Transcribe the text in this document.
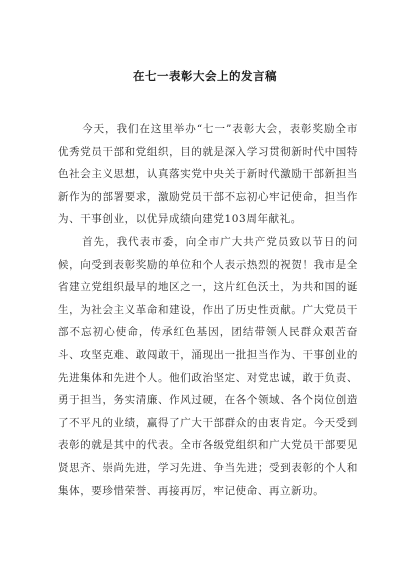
在七一表彰大会上的发言稿

今天，我们在这里举办“七一”表彰大会，表彰奖励全市优秀党员干部和党组织，目的就是深入学习贯彻新时代中国特色社会主义思想，认真落实党中央关于新时代激励干部新担当新作为的部署要求，激励党员干部不忘初心牢记使命，担当作为、干事创业，以优异成绩向建党103周年献礼。

首先，我代表市委，向全市广大共产党员致以节日的问候，向受到表彰奖励的单位和个人表示热烈的祝贺！我市是全省建立党组织最早的地区之一，这片红色沃土，为共和国的诞生，为社会主义革命和建设，作出了历史性贡献。广大党员干部不忘初心使命，传承红色基因，团结带领人民群众艰苦奋斗、攻坚克难、敢闯敢干，涌现出一批担当作为、干事创业的先进集体和先进个人。他们政治坚定、对党忠诚，敢于负责、勇于担当，务实清廉、作风过硬，在各个领域、各个岗位创造了不平凡的业绩，赢得了广大干部群众的由衷肯定。今天受到表彰的就是其中的代表。全市各级党组织和广大党员干部要见贤思齐、崇尚先进，学习先进、争当先进；受到表彰的个人和集体，要珍惜荣誉、再接再厉，牢记使命、再立新功。
